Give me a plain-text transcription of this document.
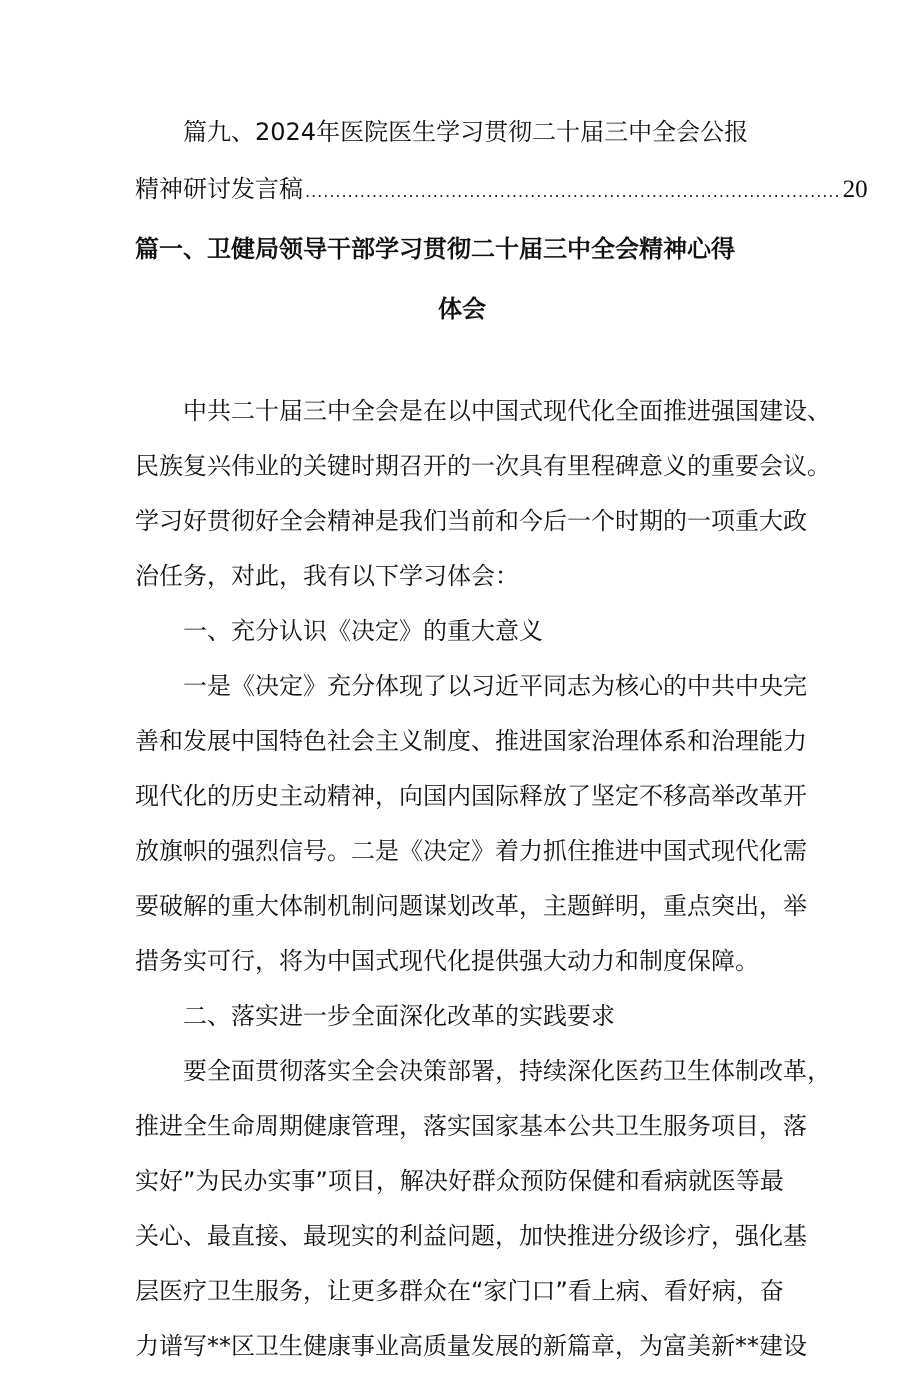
篇九、2024年医院医生学习贯彻二十届三中全会公报
精神研讨发言稿 ........................................................................................ 20
篇一、卫健局领导干部学习贯彻二十届三中全会精神心得
体会
中共二十届三中全会是在以中国式现代化全面推进强国建设、
民族复兴伟业的关键时期召开的一次具有里程碑意义的重要会议。
学习好贯彻好全会精神是我们当前和今后一个时期的一项重大政
治任务，对此，我有以下学习体会：
一、充分认识《决定》的重大意义
一是《决定》充分体现了以习近平同志为核心的中共中央完
善和发展中国特色社会主义制度、推进国家治理体系和治理能力
现代化的历史主动精神，向国内国际释放了坚定不移高举改革开
放旗帜的强烈信号。二是《决定》着力抓住推进中国式现代化需
要破解的重大体制机制问题谋划改革，主题鲜明，重点突出，举
措务实可行，将为中国式现代化提供强大动力和制度保障。
二、落实进一步全面深化改革的实践要求
要全面贯彻落实全会决策部署，持续深化医药卫生体制改革，
推进全生命周期健康管理，落实国家基本公共卫生服务项目，落
实好”为民办实事”项目，解决好群众预防保健和看病就医等最
关心、最直接、最现实的利益问题，加快推进分级诊疗，强化基
层医疗卫生服务，让更多群众在“家门口”看上病、看好病，奋
力谱写**区卫生健康事业高质量发展的新篇章，为富美新**建设
